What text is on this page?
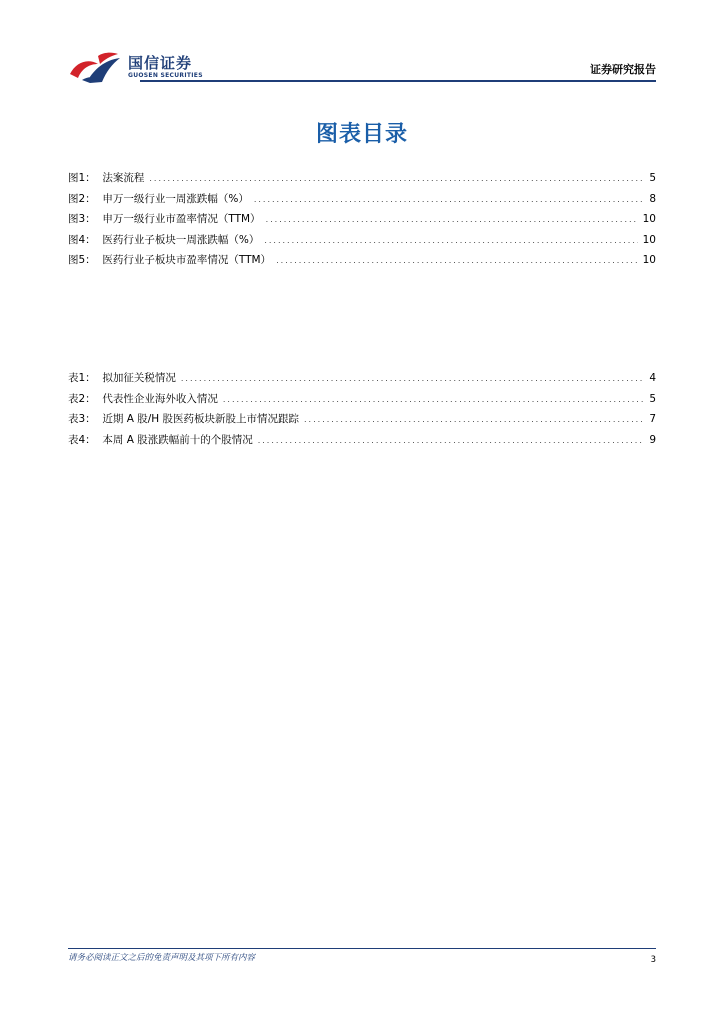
国信证券
GUOSEN SECURITIES	证券研究报告
图表目录
图1：  法案流程 .....	5
图2：  申万一级行业一周涨跌幅（%） .....	8
图3：  申万一级行业市盈率情况（TTM） .....	10
图4：  医药行业子板块一周涨跌幅（%） .....	10
图5：  医药行业子板块市盈率情况（TTM） .....	10
表1：  拟加征关税情况 .....	4
表2：  代表性企业海外收入情况 .....	5
表3：  近期 A 股/H 股医药板块新股上市情况跟踪 .....	7
表4：  本周 A 股涨跌幅前十的个股情况 .....	9
请务必阅读正文之后的免责声明及其项下所有内容	3
